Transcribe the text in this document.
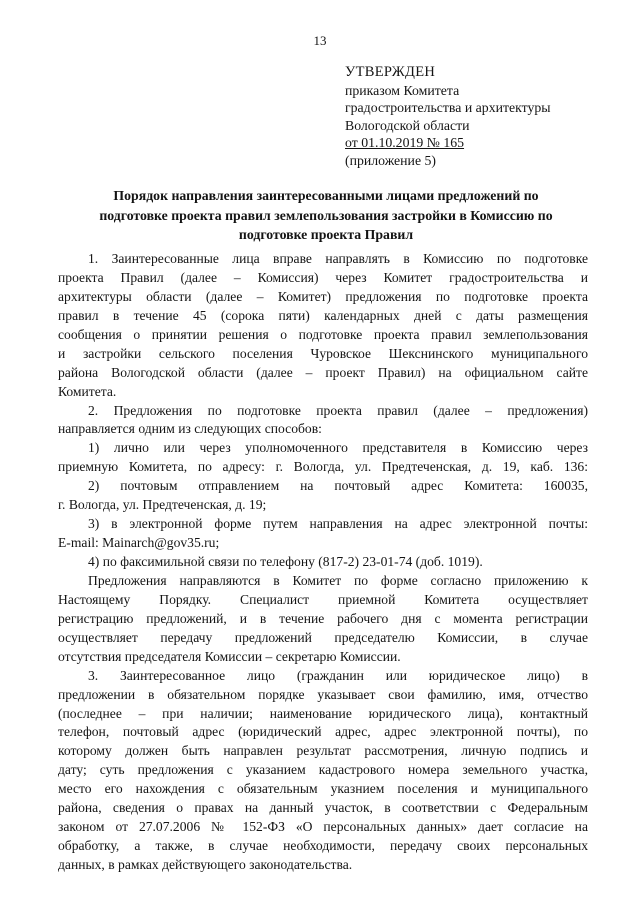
13
УТВЕРЖДЕН
приказом Комитета
градостроительства и архитектуры
Вологодской области
от 01.10.2019 № 165
(приложение 5)
Порядок направления заинтересованными лицами предложений по
подготовке проекта правил землепользования застройки в Комиссию по
подготовке проекта Правил
1. Заинтересованные лица вправе направлять в Комиссию по подготовке
проекта Правил (далее – Комиссия) через Комитет градостроительства и
архитектуры области (далее – Комитет) предложения по подготовке проекта
правил в течение 45 (сорока пяти) календарных дней с даты размещения
сообщения о принятии решения о подготовке проекта правил землепользования
и застройки сельского поселения Чуровское Шекснинского муниципального
района Вологодской области (далее – проект Правил) на официальном сайте
Комитета.
2. Предложения по подготовке проекта правил (далее – предложения)
направляется одним из следующих способов:
1) лично или через уполномоченного представителя в Комиссию через
приемную Комитета, по адресу: г. Вологда, ул. Предтеченская, д. 19, каб. 136:
2) почтовым отправлением на почтовый адрес Комитета: 160035,
г. Вологда, ул. Предтеченская, д. 19;
3) в электронной форме путем направления на адрес электронной почты:
E-mail: Mainarch@gov35.ru;
4) по факсимильной связи по телефону (817-2) 23-01-74 (доб. 1019).
Предложения направляются в Комитет по форме согласно приложению к
Настоящему Порядку. Специалист приемной Комитета осуществляет
регистрацию предложений, и в течение рабочего дня с момента регистрации
осуществляет передачу предложений председателю Комиссии, в случае
отсутствия председателя Комиссии – секретарю Комиссии.
3. Заинтересованное лицо (гражданин или юридическое лицо) в
предложении в обязательном порядке указывает свои фамилию, имя, отчество
(последнее – при наличии; наименование юридического лица), контактный
телефон, почтовый адрес (юридический адрес, адрес электронной почты), по
которому должен быть направлен результат рассмотрения, личную подпись и
дату; суть предложения с указанием кадастрового номера земельного участка,
место его нахождения с обязательным указнием поселения и муниципального
района, сведения о правах на данный участок, в соответствии с Федеральным
законом от 27.07.2006 № 152-ФЗ «О персональных данных» дает согласие на
обработку, а также, в случае необходимости, передачу своих персональных
данных, в рамках действующего законодательства.
